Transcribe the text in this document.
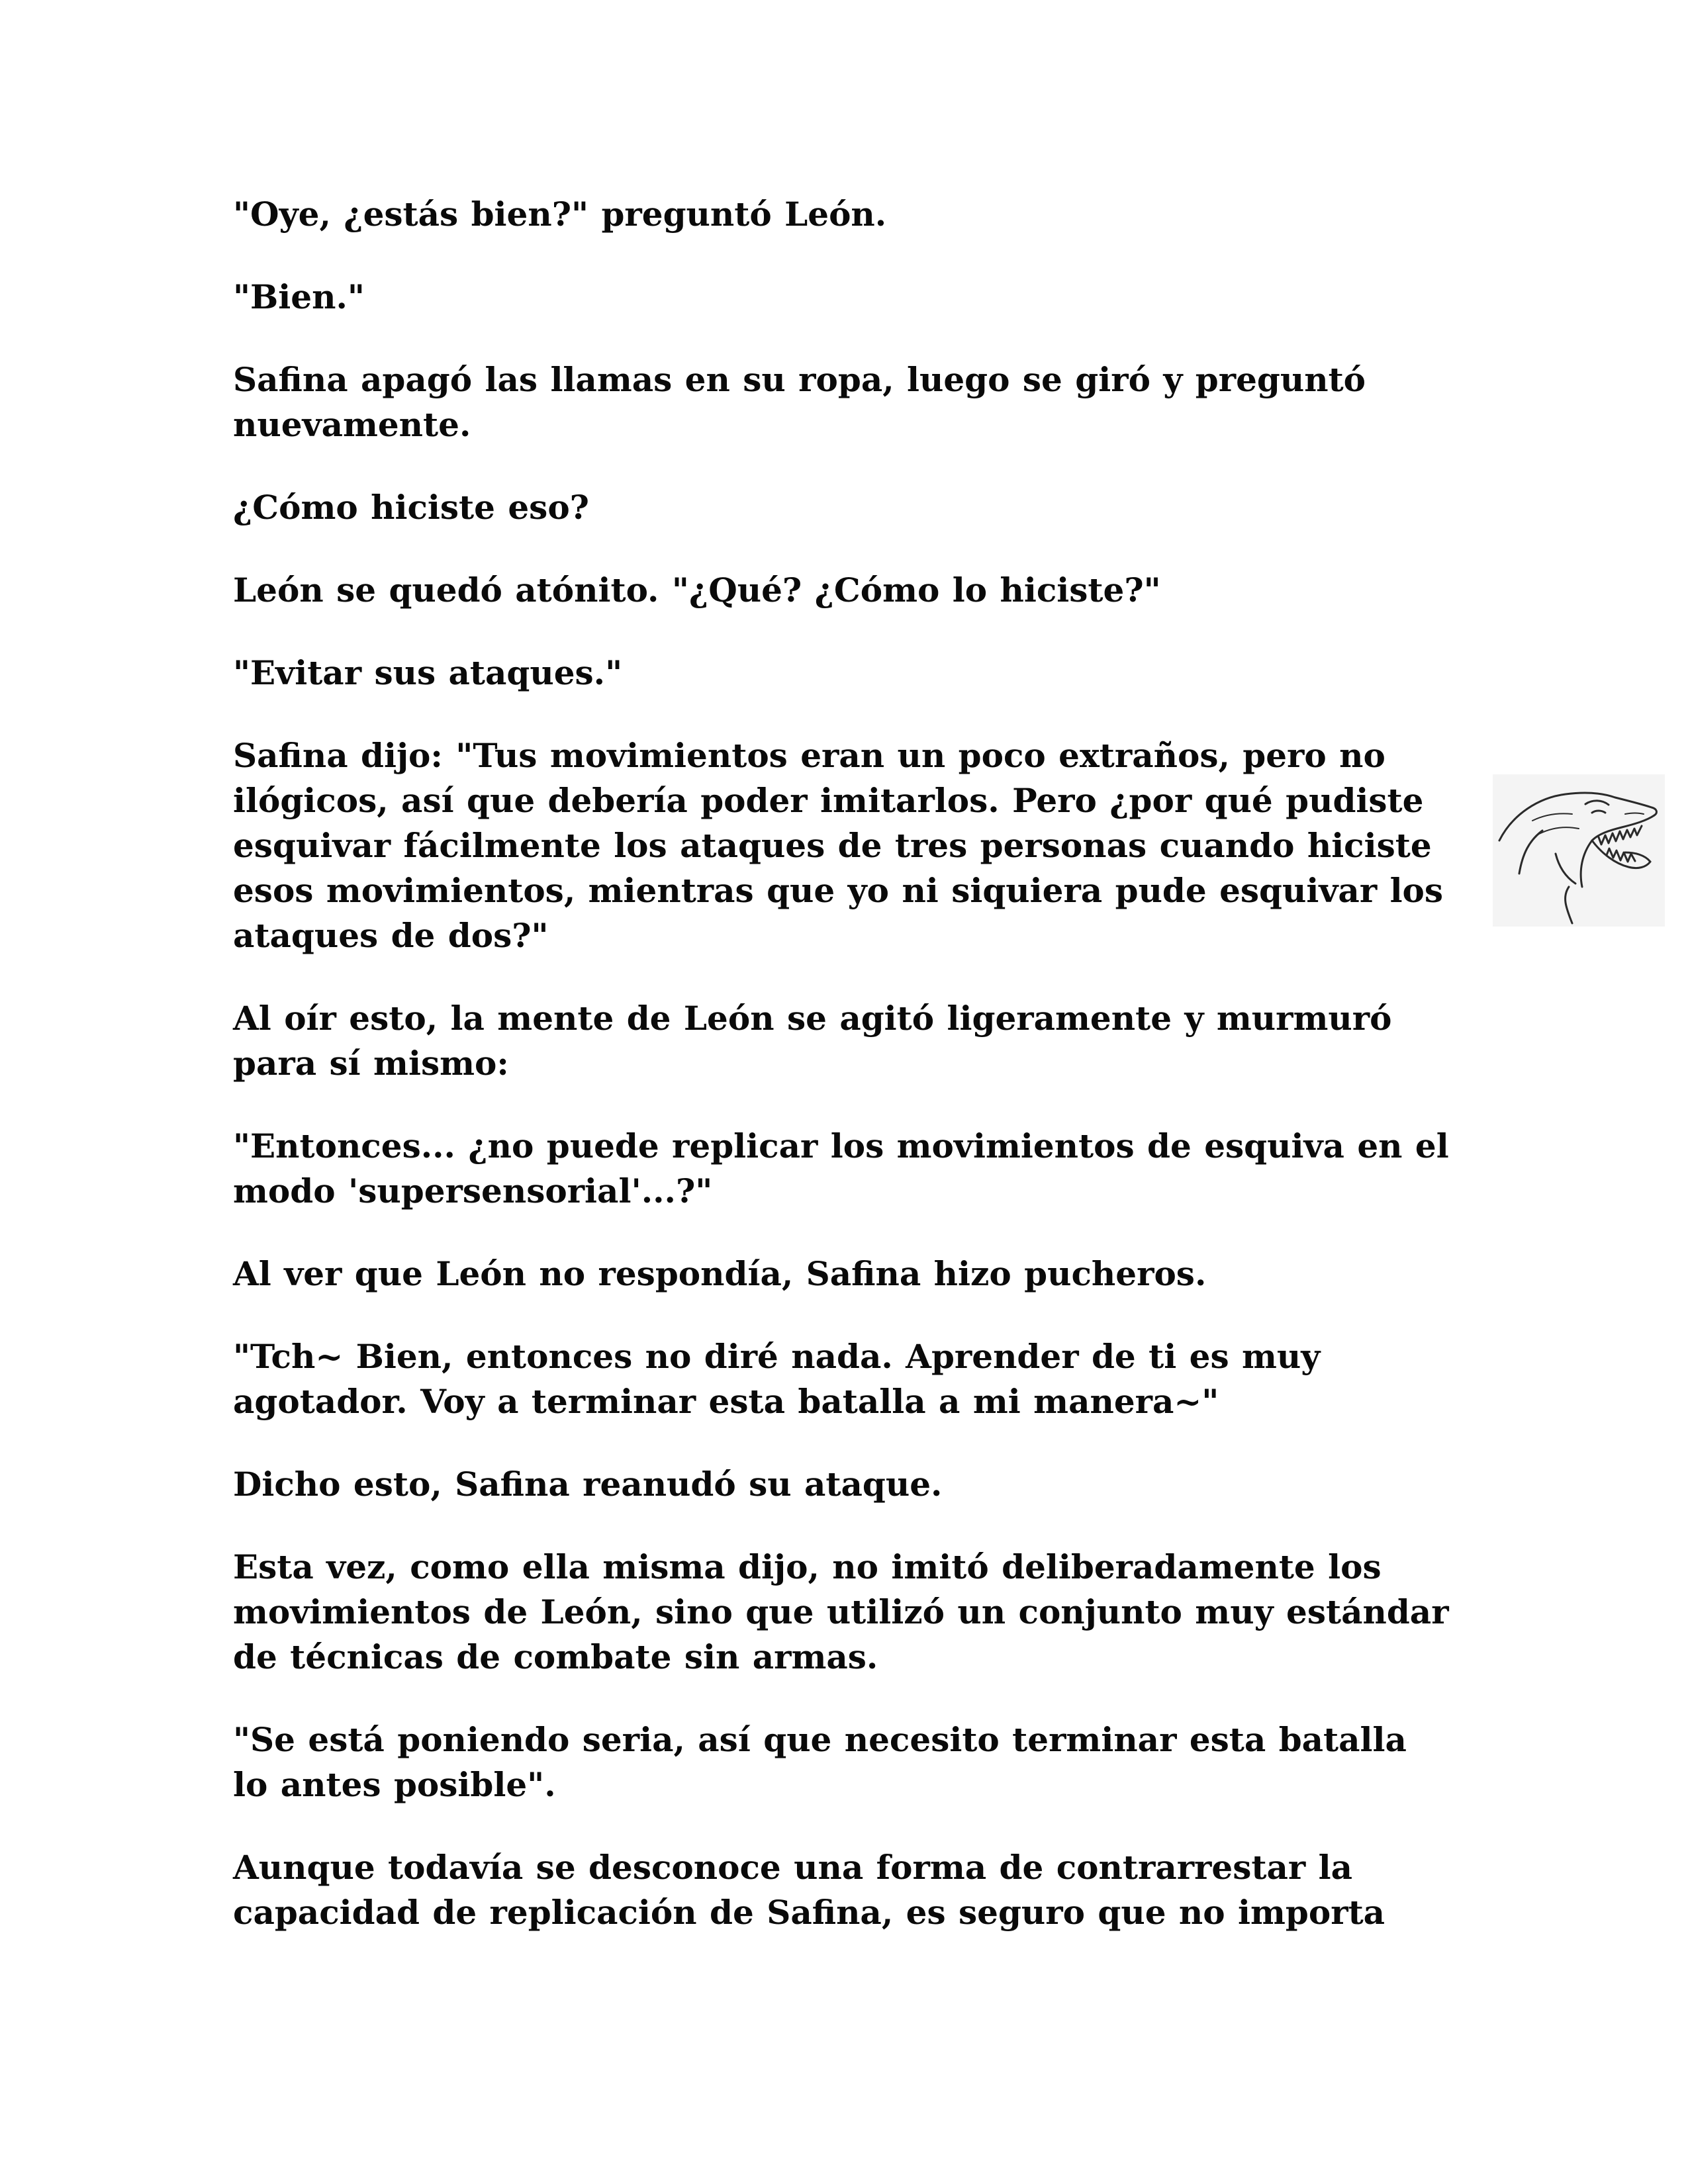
"Oye, ¿estás bien?" preguntó León.

"Bien."

Safina apagó las llamas en su ropa, luego se giró y preguntó nuevamente.

¿Cómo hiciste eso?

León se quedó atónito. "¿Qué? ¿Cómo lo hiciste?"

"Evitar sus ataques."

Safina dijo: "Tus movimientos eran un poco extraños, pero no ilógicos, así que debería poder imitarlos. Pero ¿por qué pudiste esquivar fácilmente los ataques de tres personas cuando hiciste esos movimientos, mientras que yo ni siquiera pude esquivar los ataques de dos?"

Al oír esto, la mente de León se agitó ligeramente y murmuró para sí mismo:

"Entonces... ¿no puede replicar los movimientos de esquiva en el modo 'supersensorial'...?"

Al ver que León no respondía, Safina hizo pucheros.

"Tch~ Bien, entonces no diré nada. Aprender de ti es muy agotador. Voy a terminar esta batalla a mi manera~"

Dicho esto, Safina reanudó su ataque.

Esta vez, como ella misma dijo, no imitó deliberadamente los movimientos de León, sino que utilizó un conjunto muy estándar de técnicas de combate sin armas.

"Se está poniendo seria, así que necesito terminar esta batalla lo antes posible".

Aunque todavía se desconoce una forma de contrarrestar la capacidad de replicación de Safina, es seguro que no importa
